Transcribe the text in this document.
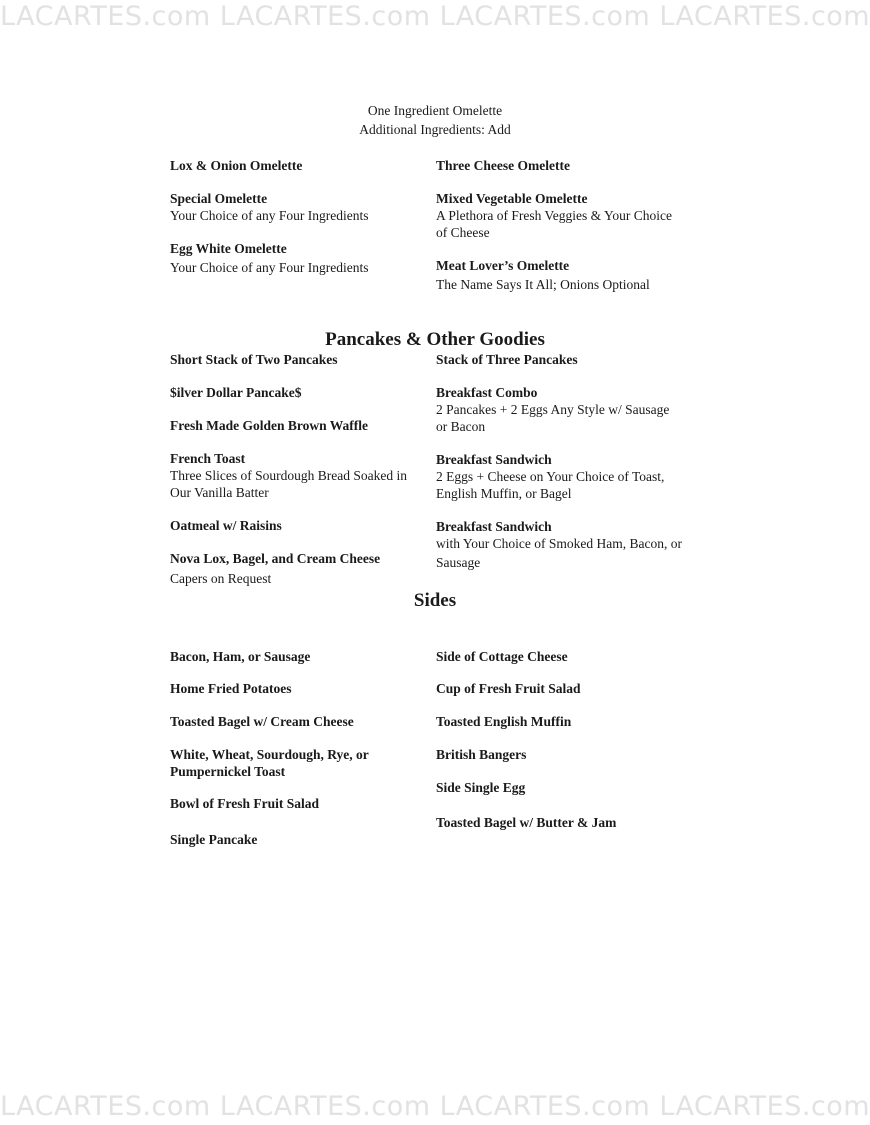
LACARTES.com LACARTES.com LACARTES.com LACARTES.com
One Ingredient Omelette
Additional Ingredients: Add
Lox & Onion Omelette	Three Cheese Omelette
Special Omelette
Your Choice of any Four Ingredients
Mixed Vegetable Omelette
A Plethora of Fresh Veggies & Your Choice
of Cheese
Egg White Omelette
Your Choice of any Four Ingredients	Meat Lover’s Omelette
The Name Says It All; Onions Optional
Pancakes & Other Goodies
Short Stack of Two Pancakes	Stack of Three Pancakes
$ilver Dollar Pancake$	Breakfast Combo
2 Pancakes + 2 Eggs Any Style w/ Sausage
or Bacon
Fresh Made Golden Brown Waffle
French Toast
Three Slices of Sourdough Bread Soaked in
Our Vanilla Batter
Breakfast Sandwich
2 Eggs + Cheese on Your Choice of Toast,
English Muffin, or Bagel
Oatmeal w/ Raisins	Breakfast Sandwich
with Your Choice of Smoked Ham, Bacon, or
Sausage
Nova Lox, Bagel, and Cream Cheese
Capers on Request
Sides
Bacon, Ham, or Sausage	Side of Cottage Cheese
Home Fried Potatoes	Cup of Fresh Fruit Salad
Toasted Bagel w/ Cream Cheese	Toasted English Muffin
White, Wheat, Sourdough, Rye, or
Pumpernickel Toast
British Bangers
Side Single Egg
Bowl of Fresh Fruit Salad
Toasted Bagel w/ Butter & Jam
Single Pancake
LACARTES.com LACARTES.com LACARTES.com LACARTES.com
